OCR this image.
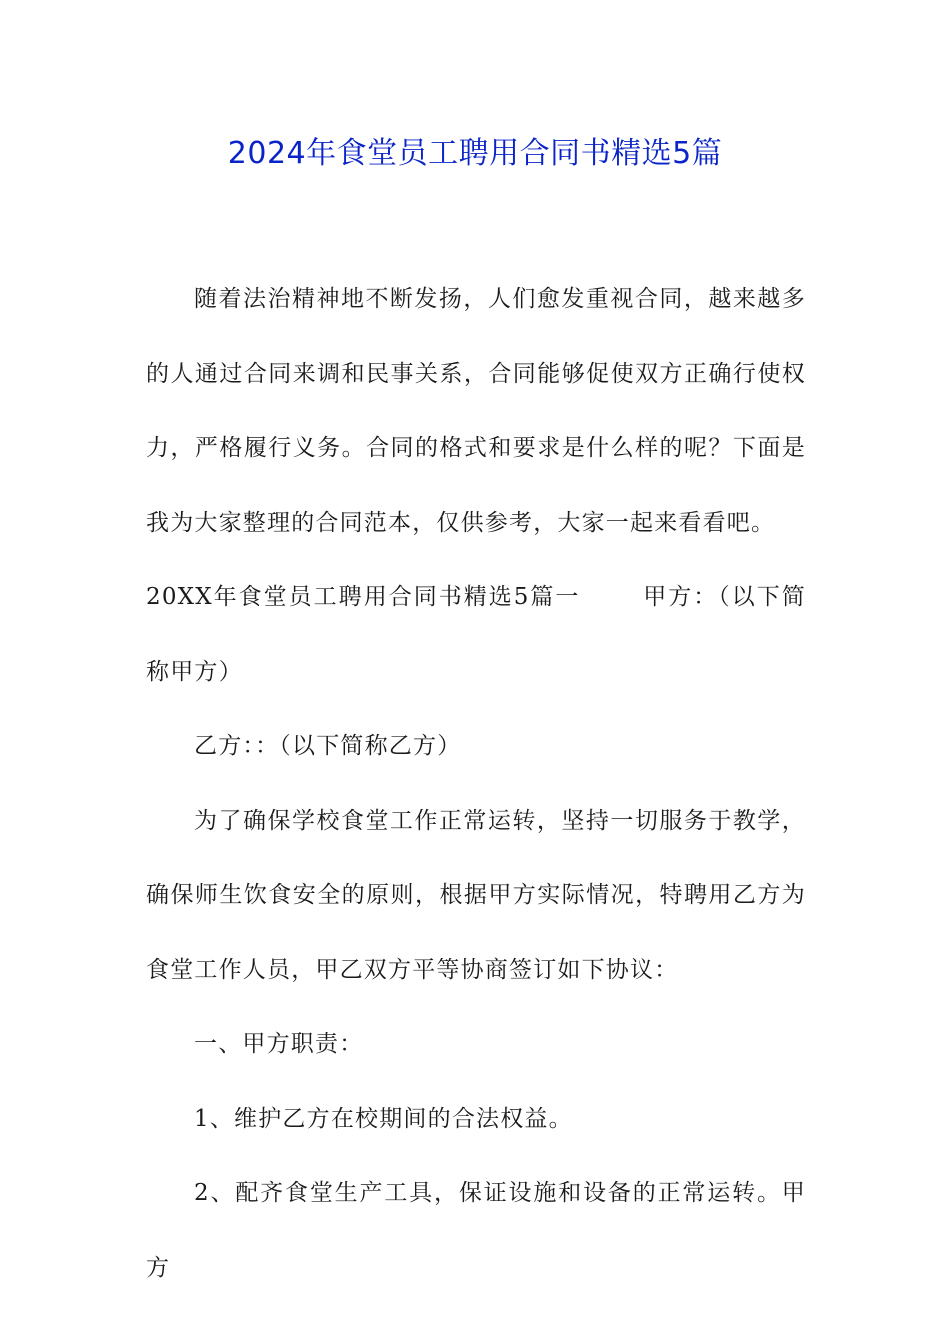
2024年食堂员工聘用合同书精选5篇

随着法治精神地不断发扬，人们愈发重视合同，越来越多的人通过合同来调和民事关系，合同能够促使双方正确行使权力，严格履行义务。合同的格式和要求是什么样的呢？下面是我为大家整理的合同范本，仅供参考，大家一起来看看吧。

20XX年食堂员工聘用合同书精选5篇一	甲方：（以下简称甲方）

乙方：：（以下简称乙方）

为了确保学校食堂工作正常运转，坚持一切服务于教学，确保师生饮食安全的原则，根据甲方实际情况，特聘用乙方为食堂工作人员，甲乙双方平等协商签订如下协议：

一、甲方职责：

1、维护乙方在校期间的合法权益。

2、配齐食堂生产工具，保证设施和设备的正常运转。甲方
